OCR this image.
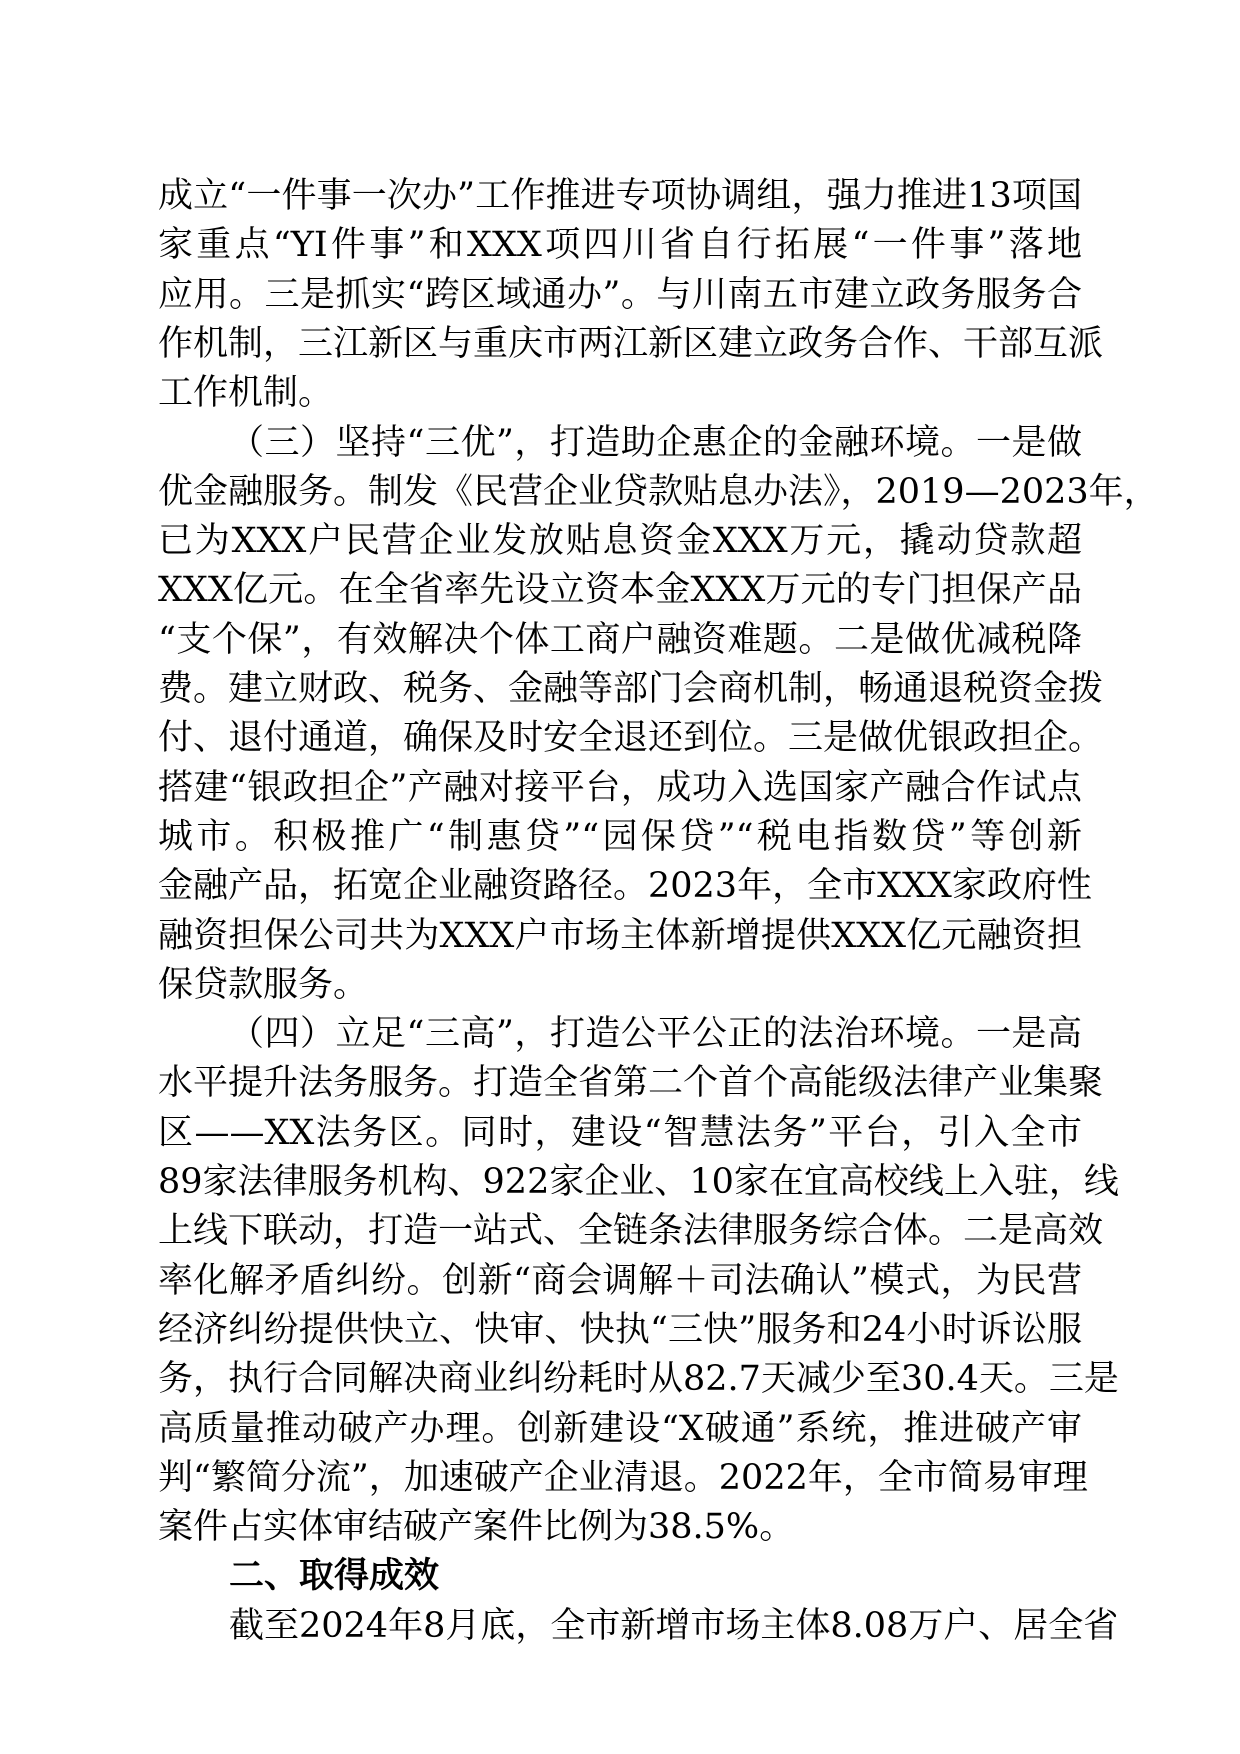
成立“一件事一次办”工作推进专项协调组，强力推进13项国
家重点“YI件事”和XXX项四川省自行拓展“一件事”落地
应用。三是抓实“跨区域通办”。与川南五市建立政务服务合
作机制，三江新区与重庆市两江新区建立政务合作、干部互派
工作机制。
（三）坚持“三优”，打造助企惠企的金融环境。一是做
优金融服务。制发《民营企业贷款贴息办法》，2019—2023年，
已为XXX户民营企业发放贴息资金XXX万元，撬动贷款超
XXX亿元。在全省率先设立资本金XXX万元的专门担保产品
“支个保”，有效解决个体工商户融资难题。二是做优减税降
费。建立财政、税务、金融等部门会商机制，畅通退税资金拨
付、退付通道，确保及时安全退还到位。三是做优银政担企。
搭建“银政担企”产融对接平台，成功入选国家产融合作试点
城市。积极推广“制惠贷”“园保贷”“税电指数贷”等创新
金融产品，拓宽企业融资路径。2023年，全市XXX家政府性
融资担保公司共为XXX户市场主体新增提供XXX亿元融资担
保贷款服务。
（四）立足“三高”，打造公平公正的法治环境。一是高
水平提升法务服务。打造全省第二个首个高能级法律产业集聚
区——XX法务区。同时，建设“智慧法务”平台，引入全市
89家法律服务机构、922家企业、10家在宜高校线上入驻，线
上线下联动，打造一站式、全链条法律服务综合体。二是高效
率化解矛盾纠纷。创新“商会调解＋司法确认”模式，为民营
经济纠纷提供快立、快审、快执“三快”服务和24小时诉讼服
务，执行合同解决商业纠纷耗时从82.7天减少至30.4天。三是
高质量推动破产办理。创新建设“X破通”系统，推进破产审
判“繁简分流”，加速破产企业清退。2022年，全市简易审理
案件占实体审结破产案件比例为38.5%。
二、取得成效
截至2024年8月底，全市新增市场主体8.08万户、居全省
